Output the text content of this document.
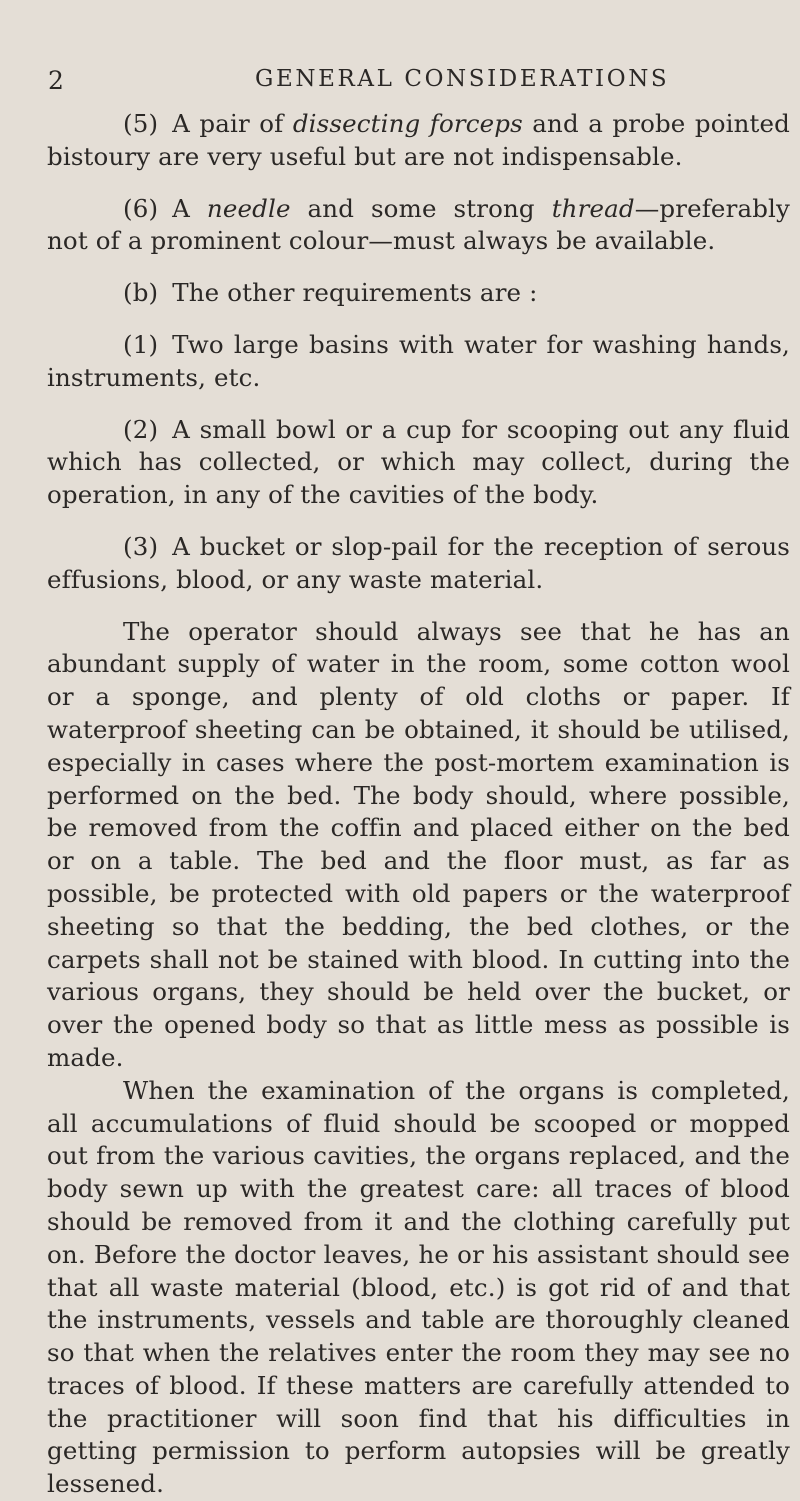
2	GENERAL CONSIDERATIONS

(5) A pair of dissecting forceps and a probe pointed bistoury are very useful but are not indispensable.

(6) A needle and some strong thread—preferably not of a prominent colour—must always be available.

(b) The other requirements are :

(1) Two large basins with water for washing hands, instruments, etc.

(2) A small bowl or a cup for scooping out any fluid which has collected, or which may collect, during the operation, in any of the cavities of the body.

(3) A bucket or slop-pail for the reception of serous effusions, blood, or any waste material.

The operator should always see that he has an abundant supply of water in the room, some cotton wool or a sponge, and plenty of old cloths or paper. If waterproof sheeting can be obtained, it should be utilised, especially in cases where the post-mortem examination is performed on the bed. The body should, where possible, be removed from the coffin and placed either on the bed or on a table. The bed and the floor must, as far as possible, be protected with old papers or the waterproof sheeting so that the bedding, the bed clothes, or the carpets shall not be stained with blood. In cutting into the various organs, they should be held over the bucket, or over the opened body so that as little mess as possible is made.

When the examination of the organs is completed, all accumulations of fluid should be scooped or mopped out from the various cavities, the organs replaced, and the body sewn up with the greatest care: all traces of blood should be removed from it and the clothing carefully put on. Before the doctor leaves, he or his assistant should see that all waste material (blood, etc.) is got rid of and that the instruments, vessels and table are thoroughly cleaned so that when the relatives enter the room they may see no traces of blood. If these matters are carefully attended to the practitioner will soon find that his difficulties in getting permission to perform autopsies will be greatly lessened.
